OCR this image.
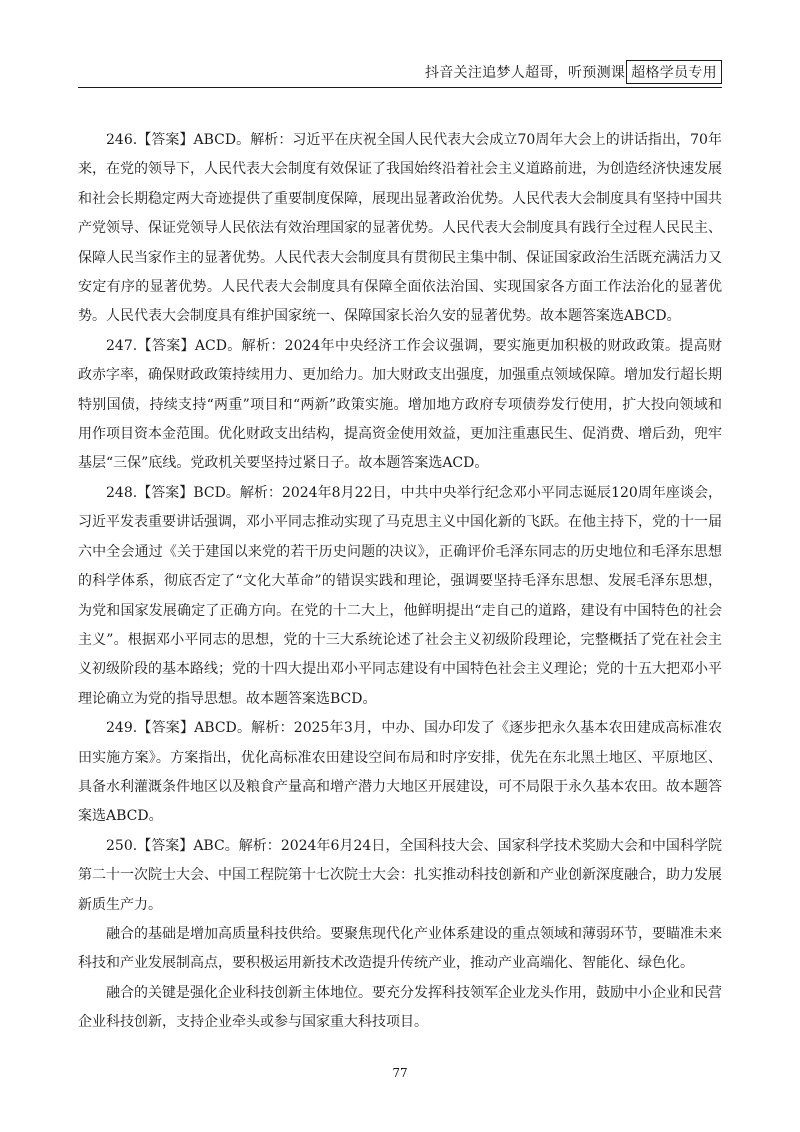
抖音关注追梦人超哥，听预测课 超格学员专用

246.【答案】ABCD。解析：习近平在庆祝全国人民代表大会成立70周年大会上的讲话指出，70年来，在党的领导下，人民代表大会制度有效保证了我国始终沿着社会主义道路前进，为创造经济快速发展和社会长期稳定两大奇迹提供了重要制度保障，展现出显著政治优势。人民代表大会制度具有坚持中国共产党领导、保证党领导人民依法有效治理国家的显著优势。人民代表大会制度具有践行全过程人民民主、保障人民当家作主的显著优势。人民代表大会制度具有贯彻民主集中制、保证国家政治生活既充满活力又安定有序的显著优势。人民代表大会制度具有保障全面依法治国、实现国家各方面工作法治化的显著优势。人民代表大会制度具有维护国家统一、保障国家长治久安的显著优势。故本题答案选ABCD。

247.【答案】ACD。解析：2024年中央经济工作会议强调，要实施更加积极的财政政策。提高财政赤字率，确保财政政策持续用力、更加给力。加大财政支出强度，加强重点领域保障。增加发行超长期特别国债，持续支持“两重”项目和“两新”政策实施。增加地方政府专项债券发行使用，扩大投向领域和用作项目资本金范围。优化财政支出结构，提高资金使用效益，更加注重惠民生、促消费、增后劲，兜牢基层“三保”底线。党政机关要坚持过紧日子。故本题答案选ACD。

248.【答案】BCD。解析：2024年8月22日，中共中央举行纪念邓小平同志诞辰120周年座谈会，习近平发表重要讲话强调，邓小平同志推动实现了马克思主义中国化新的飞跃。在他主持下，党的十一届六中全会通过《关于建国以来党的若干历史问题的决议》，正确评价毛泽东同志的历史地位和毛泽东思想的科学体系，彻底否定了“文化大革命”的错误实践和理论，强调要坚持毛泽东思想、发展毛泽东思想，为党和国家发展确定了正确方向。在党的十二大上，他鲜明提出“走自己的道路，建设有中国特色的社会主义”。根据邓小平同志的思想，党的十三大系统论述了社会主义初级阶段理论，完整概括了党在社会主义初级阶段的基本路线；党的十四大提出邓小平同志建设有中国特色社会主义理论；党的十五大把邓小平理论确立为党的指导思想。故本题答案选BCD。

249.【答案】ABCD。解析：2025年3月，中办、国办印发了《逐步把永久基本农田建成高标准农田实施方案》。方案指出，优化高标准农田建设空间布局和时序安排，优先在东北黑土地区、平原地区、具备水利灌溉条件地区以及粮食产量高和增产潜力大地区开展建设，可不局限于永久基本农田。故本题答案选ABCD。

250.【答案】ABC。解析：2024年6月24日，全国科技大会、国家科学技术奖励大会和中国科学院第二十一次院士大会、中国工程院第十七次院士大会：扎实推动科技创新和产业创新深度融合，助力发展新质生产力。

融合的基础是增加高质量科技供给。要聚焦现代化产业体系建设的重点领域和薄弱环节，要瞄准未来科技和产业发展制高点，要积极运用新技术改造提升传统产业，推动产业高端化、智能化、绿色化。

融合的关键是强化企业科技创新主体地位。要充分发挥科技领军企业龙头作用，鼓励中小企业和民营企业科技创新，支持企业牵头或参与国家重大科技项目。

77
